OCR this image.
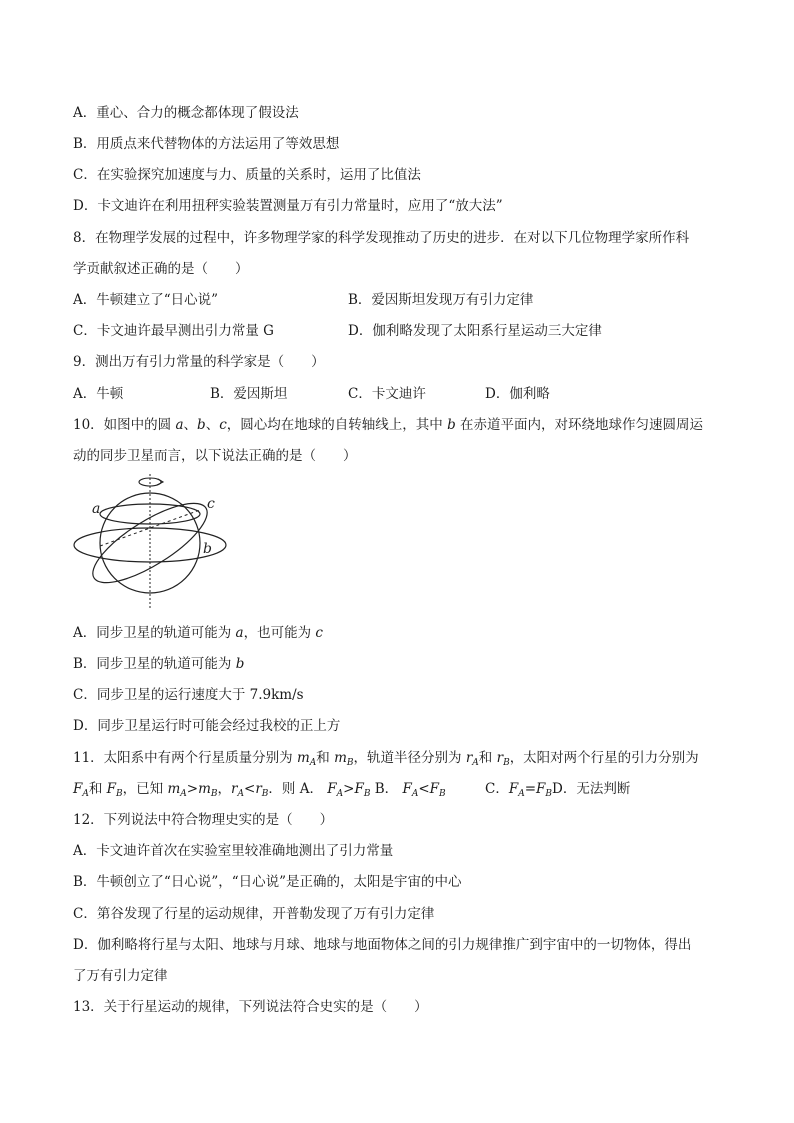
A．重心、合力的概念都体现了假设法
B．用质点来代替物体的方法运用了等效思想
C．在实验探究加速度与力、质量的关系时，运用了比值法
D．卡文迪许在利用扭秤实验装置测量万有引力常量时，应用了“放大法”
8．在物理学发展的过程中，许多物理学家的科学发现推动了历史的进步．在对以下几位物理学家所作科
学贡献叙述正确的是（　　）
A．牛顿建立了“日心说”	B．爱因斯坦发现万有引力定律
C．卡文迪许最早测出引力常量 G	D．伽利略发现了太阳系行星运动三大定律
9．测出万有引力常量的科学家是（　　）
A．牛顿	B．爱因斯坦	C．卡文迪许	D．伽利略
10．如图中的圆 a、b、c，圆心均在地球的自转轴线上，其中 b 在赤道平面内，对环绕地球作匀速圆周运
动的同步卫星而言，以下说法正确的是（　　）
a	c
b
A．同步卫星的轨道可能为 a，也可能为 c
B．同步卫星的轨道可能为 b
C．同步卫星的运行速度大于 7.9km/s
D．同步卫星运行时可能会经过我校的正上方
11．太阳系中有两个行星质量分别为 $m_A$和 $m_B$，轨道半径分别为 $r_A$和 $r_B$，太阳对两个行星的引力分别为
$F_A$和 $F_B$，已知 $m_A>m_B$，$r_A<r_B$．则 A． $F_A>F_B$ B． $F_A<F_B$	C．$F_A=F_BD$．无法判断
12．下列说法中符合物理史实的是（　　）
A．卡文迪许首次在实验室里较准确地测出了引力常量
B．牛顿创立了“日心说”，“日心说”是正确的，太阳是宇宙的中心
C．第谷发现了行星的运动规律，开普勒发现了万有引力定律
D．伽利略将行星与太阳、地球与月球、地球与地面物体之间的引力规律推广到宇宙中的一切物体，得出
了万有引力定律
13．关于行星运动的规律，下列说法符合史实的是（　　）
